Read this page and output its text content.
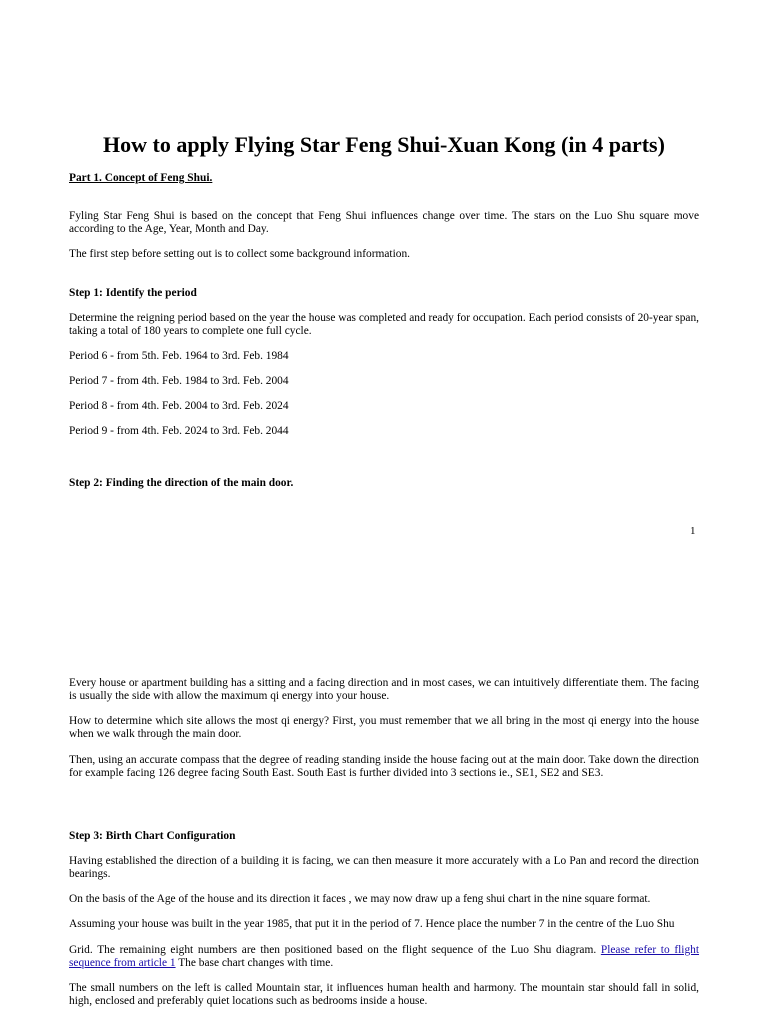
How to apply Flying Star Feng Shui-Xuan Kong (in 4 parts)

Part 1. Concept of Feng Shui.

Fyling Star Feng Shui is based on the concept that Feng Shui influences change over time. The stars on the Luo Shu square move according to the Age, Year, Month and Day.

The first step before setting out is to collect some background information.

Step 1: Identify the period

Determine the reigning period based on the year the house was completed and ready for occupation. Each period consists of 20-year span, taking a total of 180 years to complete one full cycle.

Period 6 - from 5th. Feb. 1964 to 3rd. Feb. 1984

Period 7 - from 4th. Feb. 1984 to 3rd. Feb. 2004

Period 8 - from 4th. Feb. 2004 to 3rd. Feb. 2024

Period 9 - from 4th. Feb. 2024 to 3rd. Feb. 2044

Step 2: Finding the direction of the main door.

1

Every house or apartment building has a sitting and a facing direction and in most cases, we can intuitively differentiate them. The facing is usually the side with allow the maximum qi energy into your house.

How to determine which site allows the most qi energy? First, you must remember that we all bring in the most qi energy into the house when we walk through the main door.

Then, using an accurate compass that the degree of reading standing inside the house facing out at the main door. Take down the direction for example facing 126 degree facing South East. South East is further divided into 3 sections ie., SE1, SE2 and SE3.

Step 3: Birth Chart Configuration

Having established the direction of a building it is facing, we can then measure it more accurately with a Lo Pan and record the direction bearings.

On the basis of the Age of the house and its direction it faces , we may now draw up a feng shui chart in the nine square format.

Assuming your house was built in the year 1985, that put it in the period of 7. Hence place the number 7 in the centre of the Luo Shu

Grid. The remaining eight numbers are then positioned based on the flight sequence of the Luo Shu diagram. Please refer to flight sequence from article 1 The base chart changes with time.

The small numbers on the left is called Mountain star, it influences human health and harmony. The mountain star should fall in solid, high, enclosed and preferably quiet locations such as bedrooms inside a house.
